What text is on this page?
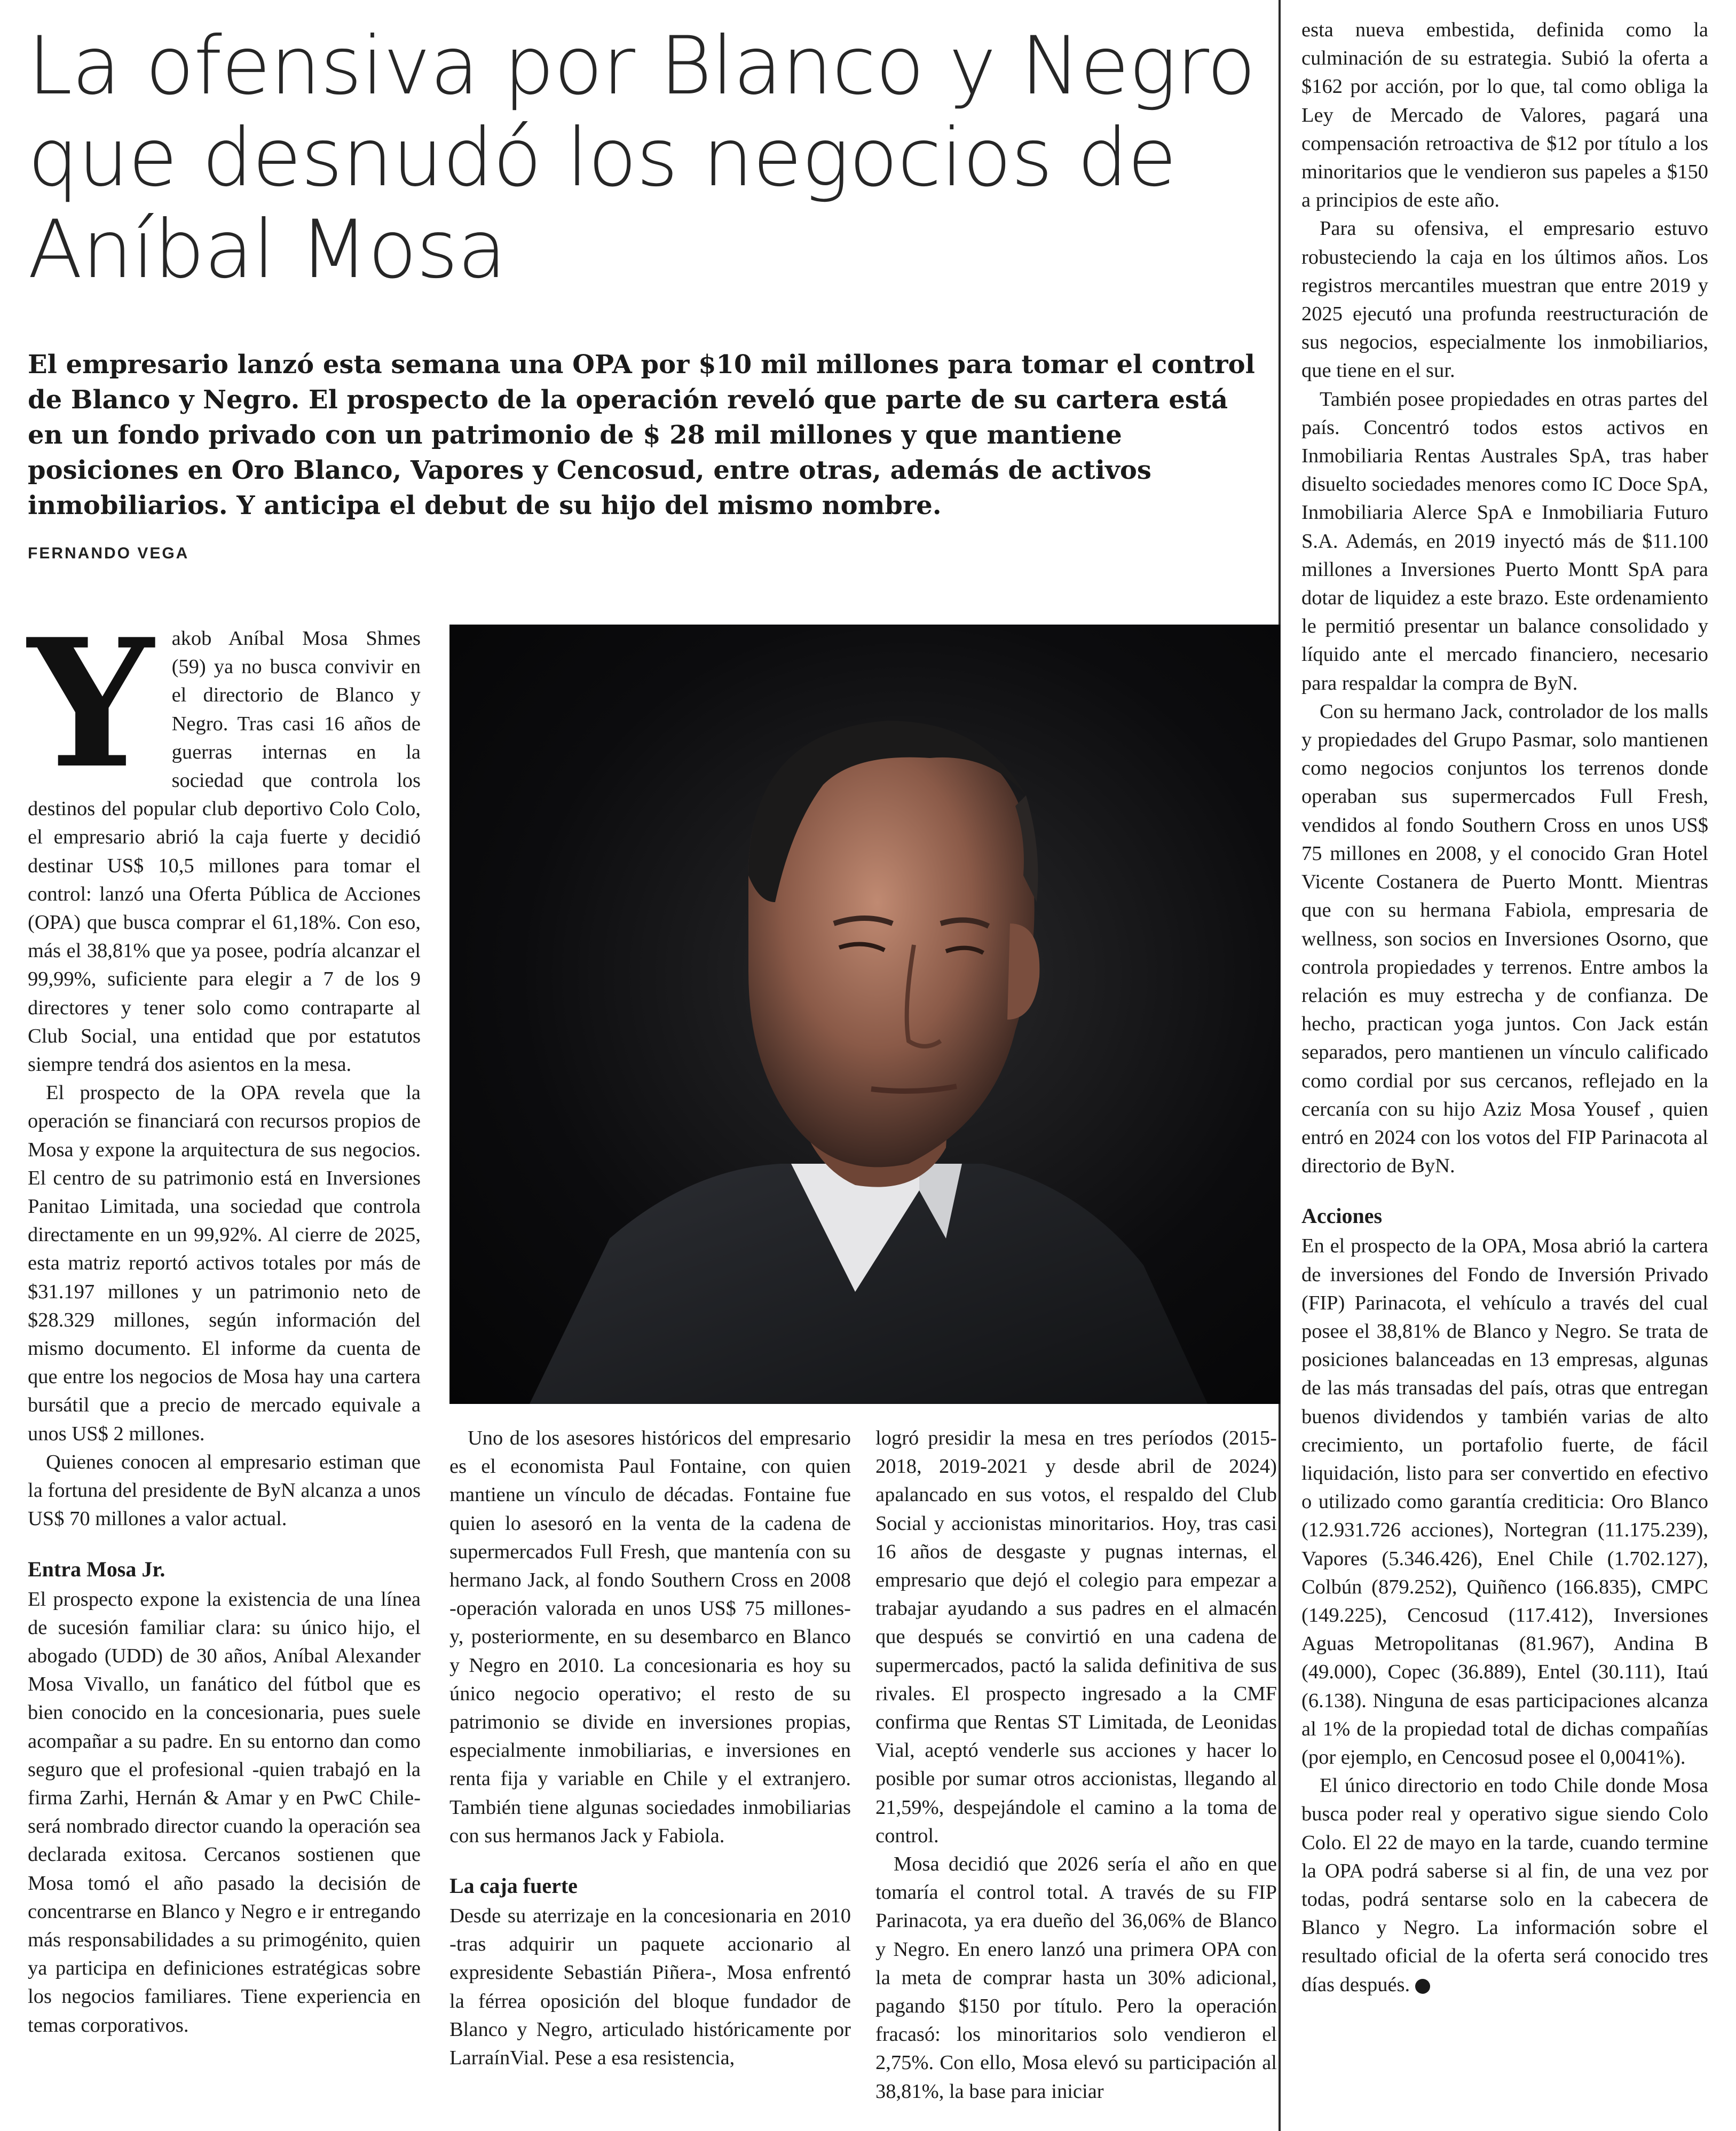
La ofensiva por Blanco y Negro que desnudó los negocios de Aníbal Mosa

El empresario lanzó esta semana una OPA por $10 mil millones para tomar el control de Blanco y Negro. El prospecto de la operación reveló que parte de su cartera está en un fondo privado con un patrimonio de $ 28 mil millones y que mantiene posiciones en Oro Blanco, Vapores y Cencosud, entre otras, además de activos inmobiliarios. Y anticipa el debut de su hijo del mismo nombre.

FERNANDO VEGA

Y akob Aníbal Mosa Shmes (59) ya no busca convivir en el directorio de Blanco y Negro. Tras casi 16 años de guerras internas en la sociedad que controla los destinos del popular club deportivo Colo Colo, el empresario abrió la caja fuerte y decidió destinar US$ 10,5 millones para tomar el control: lanzó una Oferta Pública de Acciones (OPA) que busca comprar el 61,18%. Con eso, más el 38,81% que ya posee, podría alcanzar el 99,99%, suficiente para elegir a 7 de los 9 directores y tener solo como contraparte al Club Social, una entidad que por estatutos siempre tendrá dos asientos en la mesa.

El prospecto de la OPA revela que la operación se financiará con recursos propios de Mosa y expone la arquitectura de sus negocios. El centro de su patrimonio está en Inversiones Panitao Limitada, una sociedad que controla directamente en un 99,92%. Al cierre de 2025, esta matriz reportó activos totales por más de $31.197 millones y un patrimonio neto de $28.329 millones, según información del mismo documento. El informe da cuenta de que entre los negocios de Mosa hay una cartera bursátil que a precio de mercado equivale a unos US$ 2 millones.

Quienes conocen al empresario estiman que la fortuna del presidente de ByN alcanza a unos US$ 70 millones a valor actual.

Entra Mosa Jr.

El prospecto expone la existencia de una línea de sucesión familiar clara: su único hijo, el abogado (UDD) de 30 años, Aníbal Alexander Mosa Vivallo, un fanático del fútbol que es bien conocido en la concesionaria, pues suele acompañar a su padre. En su entorno dan como seguro que el profesional -quien trabajó en la firma Zarhi, Hernán & Amar y en PwC Chile- será nombrado director cuando la operación sea declarada exitosa. Cercanos sostienen que Mosa tomó el año pasado la decisión de concentrarse en Blanco y Negro e ir entregando más responsabilidades a su primogénito, quien ya participa en definiciones estratégicas sobre los negocios familiares. Tiene experiencia en temas corporativos.

Uno de los asesores históricos del empresario es el economista Paul Fontaine, con quien mantiene un vínculo de décadas. Fontaine fue quien lo asesoró en la venta de la cadena de supermercados Full Fresh, que mantenía con su hermano Jack, al fondo Southern Cross en 2008 -operación valorada en unos US$ 75 millones- y, posteriormente, en su desembarco en Blanco y Negro en 2010. La concesionaria es hoy su único negocio operativo; el resto de su patrimonio se divide en inversiones propias, especialmente inmobiliarias, e inversiones en renta fija y variable en Chile y el extranjero. También tiene algunas sociedades inmobiliarias con sus hermanos Jack y Fabiola.

La caja fuerte

Desde su aterrizaje en la concesionaria en 2010 -tras adquirir un paquete accionario al expresidente Sebastián Piñera-, Mosa enfrentó la férrea oposición del bloque fundador de Blanco y Negro, articulado históricamente por LarraínVial. Pese a esa resistencia,

logró presidir la mesa en tres períodos (2015-2018, 2019-2021 y desde abril de 2024) apalancado en sus votos, el respaldo del Club Social y accionistas minoritarios. Hoy, tras casi 16 años de desgaste y pugnas internas, el empresario que dejó el colegio para empezar a trabajar ayudando a sus padres en el almacén que después se convirtió en una cadena de supermercados, pactó la salida definitiva de sus rivales. El prospecto ingresado a la CMF confirma que Rentas ST Limitada, de Leonidas Vial, aceptó venderle sus acciones y hacer lo posible por sumar otros accionistas, llegando al 21,59%, despejándole el camino a la toma de control.

Mosa decidió que 2026 sería el año en que tomaría el control total. A través de su FIP Parinacota, ya era dueño del 36,06% de Blanco y Negro. En enero lanzó una primera OPA con la meta de comprar hasta un 30% adicional, pagando $150 por título. Pero la operación fracasó: los minoritarios solo vendieron el 2,75%. Con ello, Mosa elevó su participación al 38,81%, la base para iniciar

esta nueva embestida, definida como la culminación de su estrategia. Subió la oferta a $162 por acción, por lo que, tal como obliga la Ley de Mercado de Valores, pagará una compensación retroactiva de $12 por título a los minoritarios que le vendieron sus papeles a $150 a principios de este año.

Para su ofensiva, el empresario estuvo robusteciendo la caja en los últimos años. Los registros mercantiles muestran que entre 2019 y 2025 ejecutó una profunda reestructuración de sus negocios, especialmente los inmobiliarios, que tiene en el sur.

También posee propiedades en otras partes del país. Concentró todos estos activos en Inmobiliaria Rentas Australes SpA, tras haber disuelto sociedades menores como IC Doce SpA, Inmobiliaria Alerce SpA e Inmobiliaria Futuro S.A. Además, en 2019 inyectó más de $11.100 millones a Inversiones Puerto Montt SpA para dotar de liquidez a este brazo. Este ordenamiento le permitió presentar un balance consolidado y líquido ante el mercado financiero, necesario para respaldar la compra de ByN.

Con su hermano Jack, controlador de los malls y propiedades del Grupo Pasmar, solo mantienen como negocios conjuntos los terrenos donde operaban sus supermercados Full Fresh, vendidos al fondo Southern Cross en unos US$ 75 millones en 2008, y el conocido Gran Hotel Vicente Costanera de Puerto Montt. Mientras que con su hermana Fabiola, empresaria de wellness, son socios en Inversiones Osorno, que controla propiedades y terrenos. Entre ambos la relación es muy estrecha y de confianza. De hecho, practican yoga juntos. Con Jack están separados, pero mantienen un vínculo calificado como cordial por sus cercanos, reflejado en la cercanía con su hijo Aziz Mosa Yousef , quien entró en 2024 con los votos del FIP Parinacota al directorio de ByN.

Acciones

En el prospecto de la OPA, Mosa abrió la cartera de inversiones del Fondo de Inversión Privado (FIP) Parinacota, el vehículo a través del cual posee el 38,81% de Blanco y Negro. Se trata de posiciones balanceadas en 13 empresas, algunas de las más transadas del país, otras que entregan buenos dividendos y también varias de alto crecimiento, un portafolio fuerte, de fácil liquidación, listo para ser convertido en efectivo o utilizado como garantía crediticia: Oro Blanco (12.931.726 acciones), Nortegran (11.175.239), Vapores (5.346.426), Enel Chile (1.702.127), Colbún (879.252), Quiñenco (166.835), CMPC (149.225), Cencosud (117.412), Inversiones Aguas Metropolitanas (81.967), Andina B (49.000), Copec (36.889), Entel (30.111), Itaú (6.138). Ninguna de esas participaciones alcanza al 1% de la propiedad total de dichas compañías (por ejemplo, en Cencosud posee el 0,0041%).

El único directorio en todo Chile donde Mosa busca poder real y operativo sigue siendo Colo Colo. El 22 de mayo en la tarde, cuando termine la OPA podrá saberse si al fin, de una vez por todas, podrá sentarse solo en la cabecera de Blanco y Negro. La información sobre el resultado oficial de la oferta será conocido tres días después. P
